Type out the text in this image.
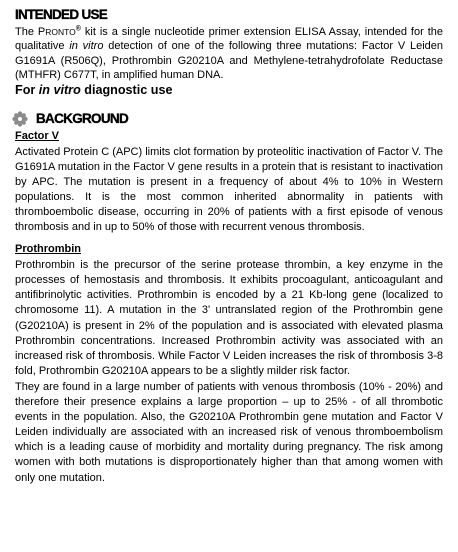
INTENDED USE

The PRONTO® kit is a single nucleotide primer extension ELISA Assay, intended for the qualitative in vitro detection of one of the following three mutations: Factor V Leiden G1691A (R506Q), Prothrombin G20210A and Methylene-tetrahydrofolate Reductase (MTHFR) C677T, in amplified human DNA.

For in vitro diagnostic use

BACKGROUND

Factor V

Activated Protein C (APC) limits clot formation by proteolitic inactivation of Factor V. The G1691A mutation in the Factor V gene results in a protein that is resistant to inactivation by APC. The mutation is present in a frequency of about 4% to 10% in Western populations. It is the most common inherited abnormality in patients with thromboembolic disease, occurring in 20% of patients with a first episode of venous thrombosis and in up to 50% of those with recurrent venous thrombosis.

Prothrombin

Prothrombin is the precursor of the serine protease thrombin, a key enzyme in the processes of hemostasis and thrombosis. It exhibits procoagulant, anticoagulant and antifibrinolytic activities. Prothrombin is encoded by a 21 Kb-long gene (localized to chromosome 11). A mutation in the 3' untranslated region of the Prothrombin gene (G20210A) is present in 2% of the population and is associated with elevated plasma Prothrombin concentrations. Increased Prothrombin activity was associated with an increased risk of thrombosis. While Factor V Leiden increases the risk of thrombosis 3-8 fold, Prothrombin G20210A appears to be a slightly milder risk factor.

They are found in a large number of patients with venous thrombosis (10% - 20%) and therefore their presence explains a large proportion – up to 25% - of all thrombotic events in the population. Also, the G20210A Prothrombin gene mutation and Factor V Leiden individually are associated with an increased risk of venous thromboembolism which is a leading cause of morbidity and mortality during pregnancy. The risk among women with both mutations is disproportionately higher than that among women with only one mutation.
